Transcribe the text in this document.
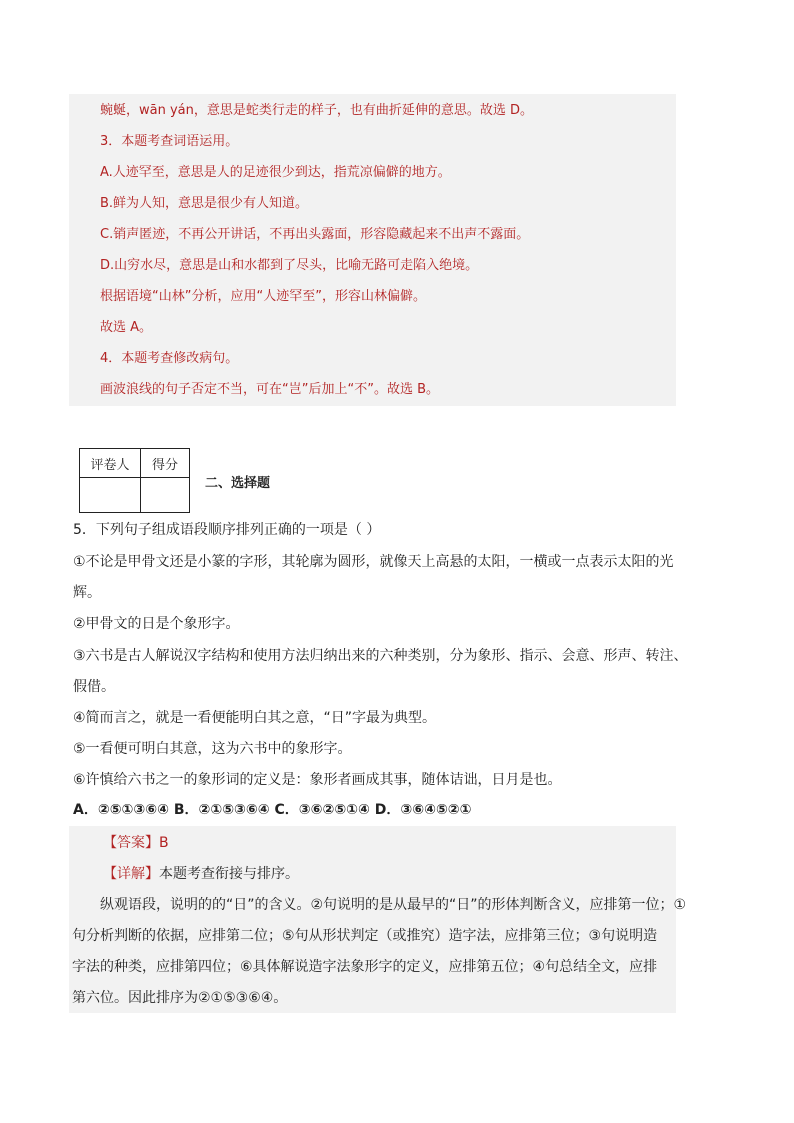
蜿蜒，wān yán，意思是蛇类行走的样子，也有曲折延伸的意思。故选 D。
3．本题考查词语运用。
A.人迹罕至，意思是人的足迹很少到达，指荒凉偏僻的地方。
B.鲜为人知，意思是很少有人知道。
C.销声匿迹，不再公开讲话，不再出头露面，形容隐藏起来不出声不露面。
D.山穷水尽，意思是山和水都到了尽头，比喻无路可走陷入绝境。
根据语境“山林”分析，应用“人迹罕至”，形容山林偏僻。
故选 A。
4．本题考查修改病句。
画波浪线的句子否定不当，可在“岂”后加上“不”。故选 B。
评卷人	得分

二、选择题
5．下列句子组成语段顺序排列正确的一项是（ ）
①不论是甲骨文还是小篆的字形，其轮廓为圆形，就像天上高悬的太阳，一横或一点表示太阳的光
辉。
②甲骨文的日是个象形字。
③六书是古人解说汉字结构和使用方法归纳出来的六种类别，分为象形、指示、会意、形声、转注、
假借。
④简而言之，就是一看便能明白其之意，“日”字最为典型。
⑤一看便可明白其意，这为六书中的象形字。
⑥许慎给六书之一的象形词的定义是：象形者画成其事，随体诘诎，日月是也。
A．②⑤①③⑥④ B．②①⑤③⑥④ C．③⑥②⑤①④ D．③⑥④⑤②①
【答案】B
【详解】本题考查衔接与排序。
纵观语段，说明的的“日”的含义。②句说明的是从最早的“日”的形体判断含义，应排第一位；①
句分析判断的依据，应排第二位；⑤句从形状判定（或推究）造字法，应排第三位；③句说明造
字法的种类，应排第四位；⑥具体解说造字法象形字的定义，应排第五位；④句总结全文，应排
第六位。因此排序为②①⑤③⑥④。
